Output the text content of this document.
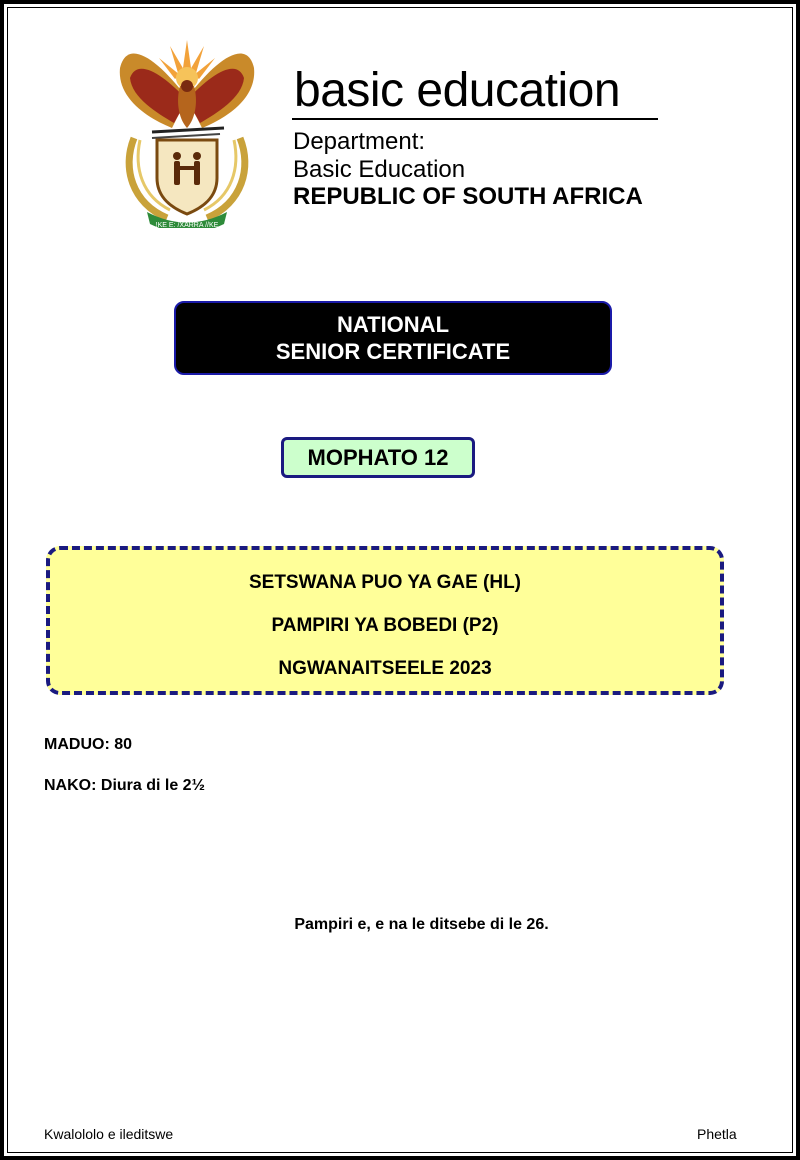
!KE E: /XARRA //KE
basic education
Department:
Basic Education
REPUBLIC OF SOUTH AFRICA
NATIONAL
SENIOR CERTIFICATE
MOPHATO 12
SETSWANA PUO YA GAE (HL)
PAMPIRI YA BOBEDI (P2)
NGWANAITSEELE 2023
MADUO: 80
NAKO: Diura di le 2½
Pampiri e, e na le ditsebe di le 26.
Kwalololo e ileditswe	Phetla
